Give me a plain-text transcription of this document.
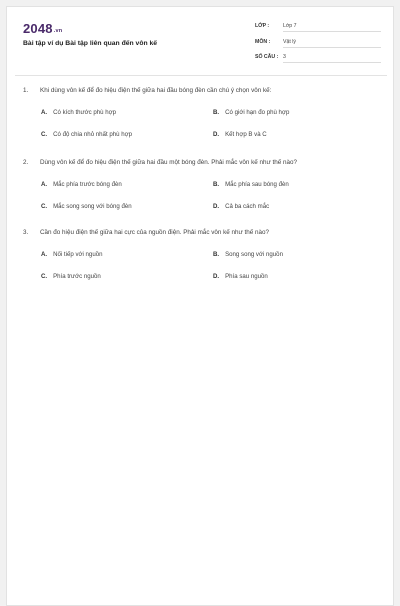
2048.vn
Bài tập ví dụ Bài tập liên quan đến vôn kế
LỚP :	Lớp 7
MÔN : Vật lý
SỐ CÂU : 3
1. Khi dùng vôn kế để đo hiệu điện thế giữa hai đầu bóng đèn cần chú ý chọn vôn kế:
A. Có kích thước phù hợp	B. Có giới hạn đo phù hợp
C. Có độ chia nhỏ nhất phù hợp	D. Kết hợp B và C
2. Dùng vôn kế để đo hiệu điện thế giữa hai đầu một bóng đèn. Phải mắc vôn kế như thế nào?
A. Mắc phía trước bóng đèn	B. Mắc phía sau bóng đèn
C. Mắc song song với bóng đèn	D. Cả ba cách mắc
3. Cần đo hiệu điện thế giữa hai cực của nguồn điện. Phải mắc vôn kế như thế nào?
A. Nối tiếp với nguồn	B. Song song với nguồn
C. Phía trước nguồn	D. Phía sau nguồn
